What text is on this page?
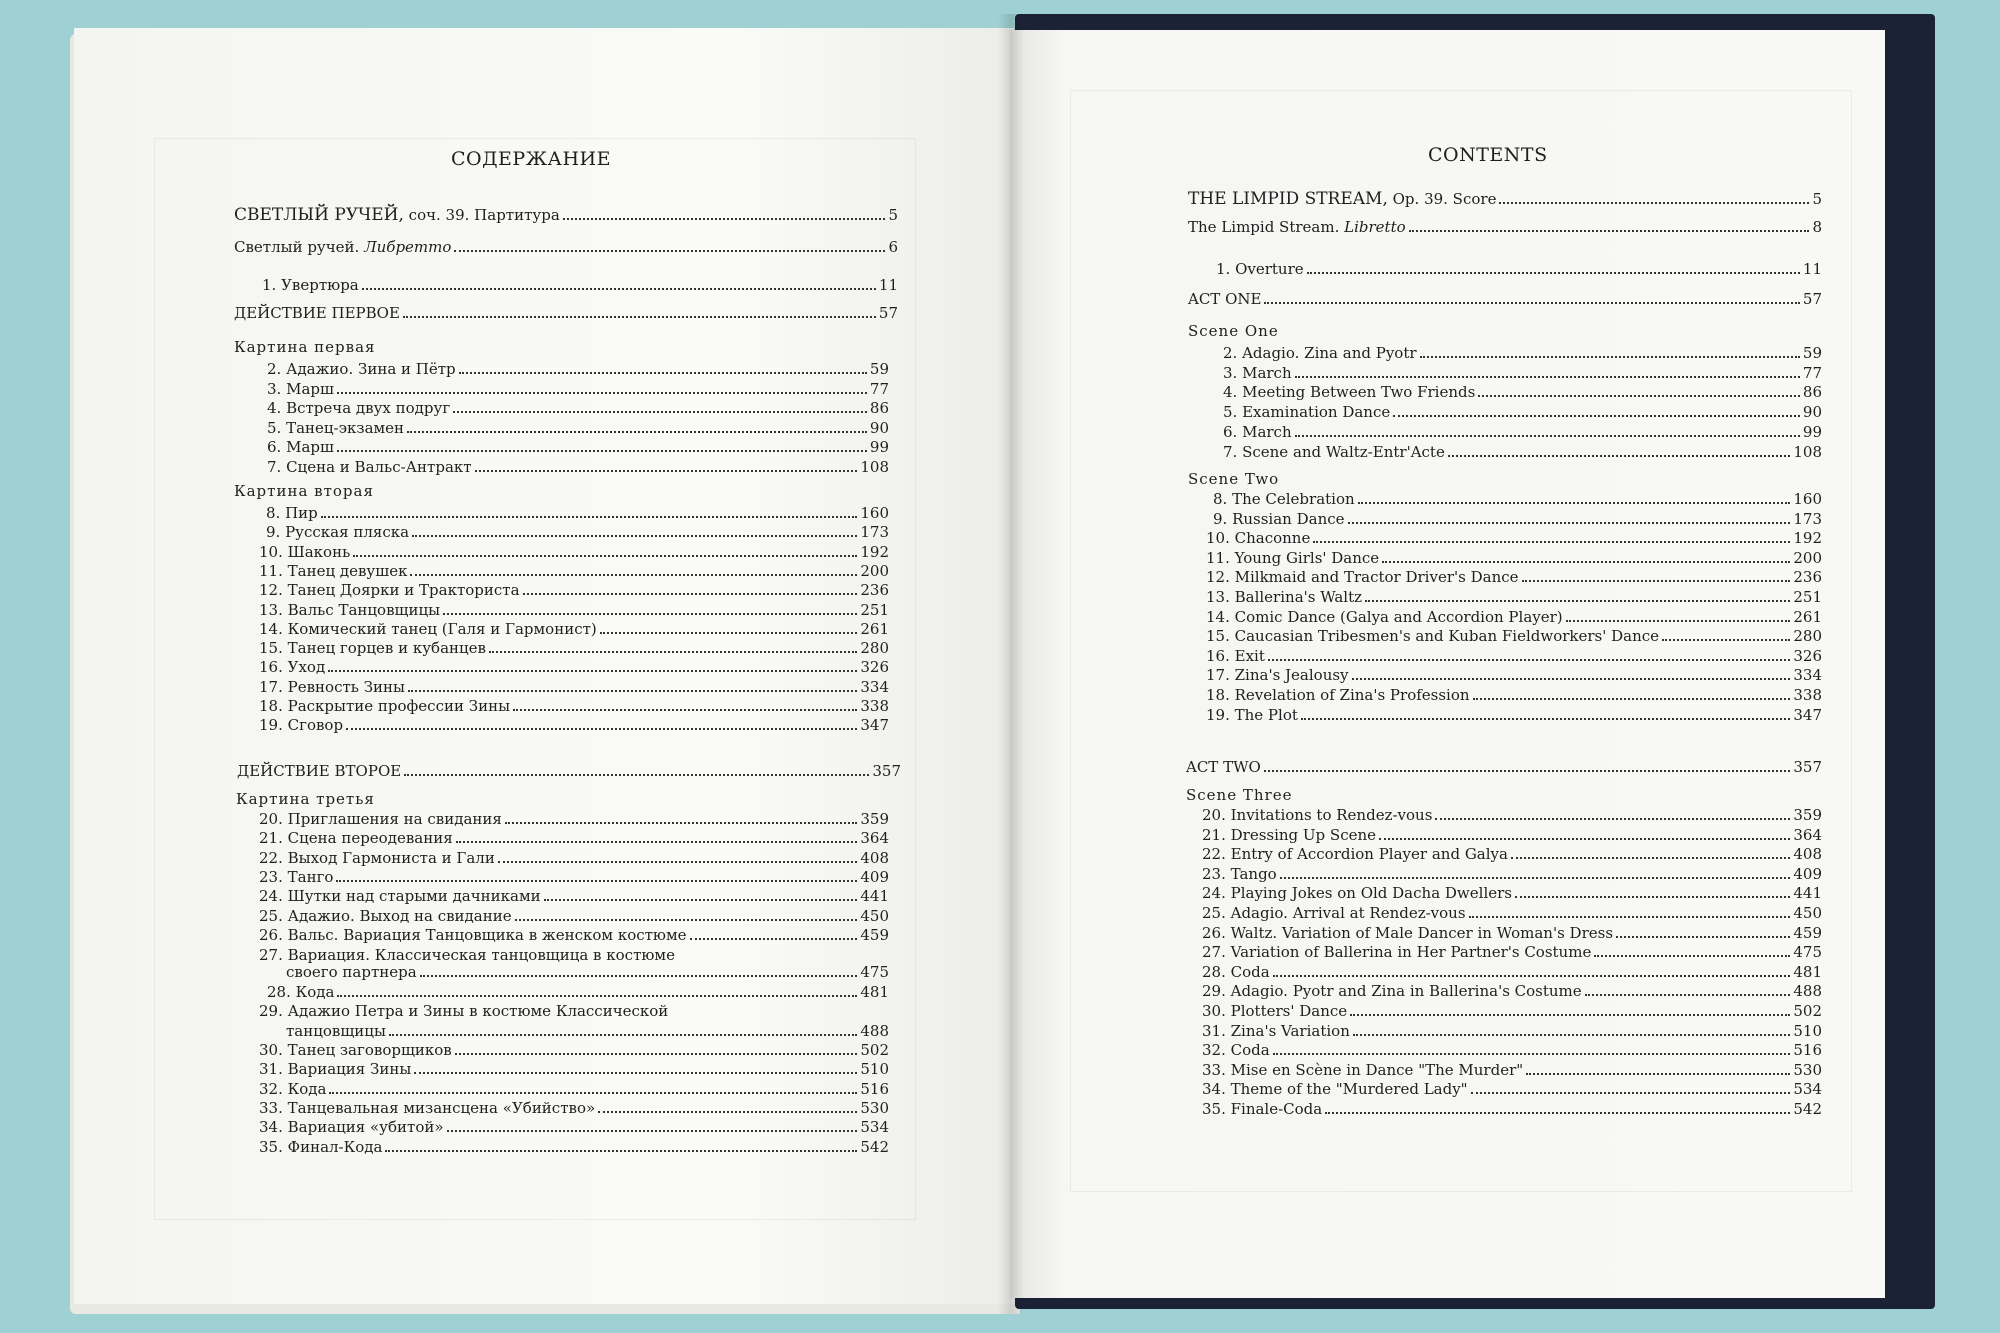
СОДЕРЖАНИЕ
СВЕТЛЫЙ РУЧЕЙ, соч. 39. Партитура	5
Светлый ручей. Либретто	6
1. Увертюра	11
ДЕЙСТВИЕ ПЕРВОЕ	57
Картина первая
2. Адажио. Зина и Пётр	59
3. Марш	77
4. Встреча двух подруг	86
5. Танец-экзамен	90
6. Марш	99
7. Сцена и Вальс-Антракт	108
Картина вторая
8. Пир	160
9. Русская пляска	173
10. Шаконь	192
11. Танец девушек	200
12. Танец Доярки и Тракториста	236
13. Вальс Танцовщицы	251
14. Комический танец (Галя и Гармонист)	261
15. Танец горцев и кубанцев	280
16. Уход	326
17. Ревность Зины	334
18. Раскрытие профессии Зины	338
19. Сговор	347
ДЕЙСТВИЕ ВТОРОЕ	357
Картина третья
20. Приглашения на свидания	359
21. Сцена переодевания	364
22. Выход Гармониста и Гали	408
23. Танго	409
24. Шутки над старыми дачниками	441
25. Адажио. Выход на свидание	450
26. Вальс. Вариация Танцовщика в женском костюме	459
27. Вариация. Классическая танцовщица в костюме
своего партнера	475
28. Кода	481
29. Адажио Петра и Зины в костюме Классической
танцовщицы	488
30. Танец заговорщиков	502
31. Вариация Зины	510
32. Кода	516
33. Танцевальная мизансцена «Убийство»	530
34. Вариация «убитой»	534
35. Финал-Кода	542
CONTENTS
THE LIMPID STREAM, Op. 39. Score	5
The Limpid Stream. Libretto	8
1. Overture	11
ACT ONE	57
Scene One
2. Adagio. Zina and Pyotr	59
3. March	77
4. Meeting Between Two Friends	86
5. Examination Dance	90
6. March	99
7. Scene and Waltz-Entr'Acte	108
Scene Two
8. The Celebration	160
9. Russian Dance	173
10. Chaconne	192
11. Young Girls' Dance	200
12. Milkmaid and Tractor Driver's Dance	236
13. Ballerina's Waltz	251
14. Comic Dance (Galya and Accordion Player)	261
15. Caucasian Tribesmen's and Kuban Fieldworkers' Dance	280
16. Exit	326
17. Zina's Jealousy	334
18. Revelation of Zina's Profession	338
19. The Plot	347
ACT TWO	357
Scene Three
20. Invitations to Rendez-vous	359
21. Dressing Up Scene	364
22. Entry of Accordion Player and Galya	408
23. Tango	409
24. Playing Jokes on Old Dacha Dwellers	441
25. Adagio. Arrival at Rendez-vous	450
26. Waltz. Variation of Male Dancer in Woman's Dress	459
27. Variation of Ballerina in Her Partner's Costume	475
28. Coda	481
29. Adagio. Pyotr and Zina in Ballerina's Costume	488
30. Plotters' Dance	502
31. Zina's Variation	510
32. Coda	516
33. Mise en Scène in Dance "The Murder"	530
34. Theme of the "Murdered Lady"	534
35. Finale-Coda	542
